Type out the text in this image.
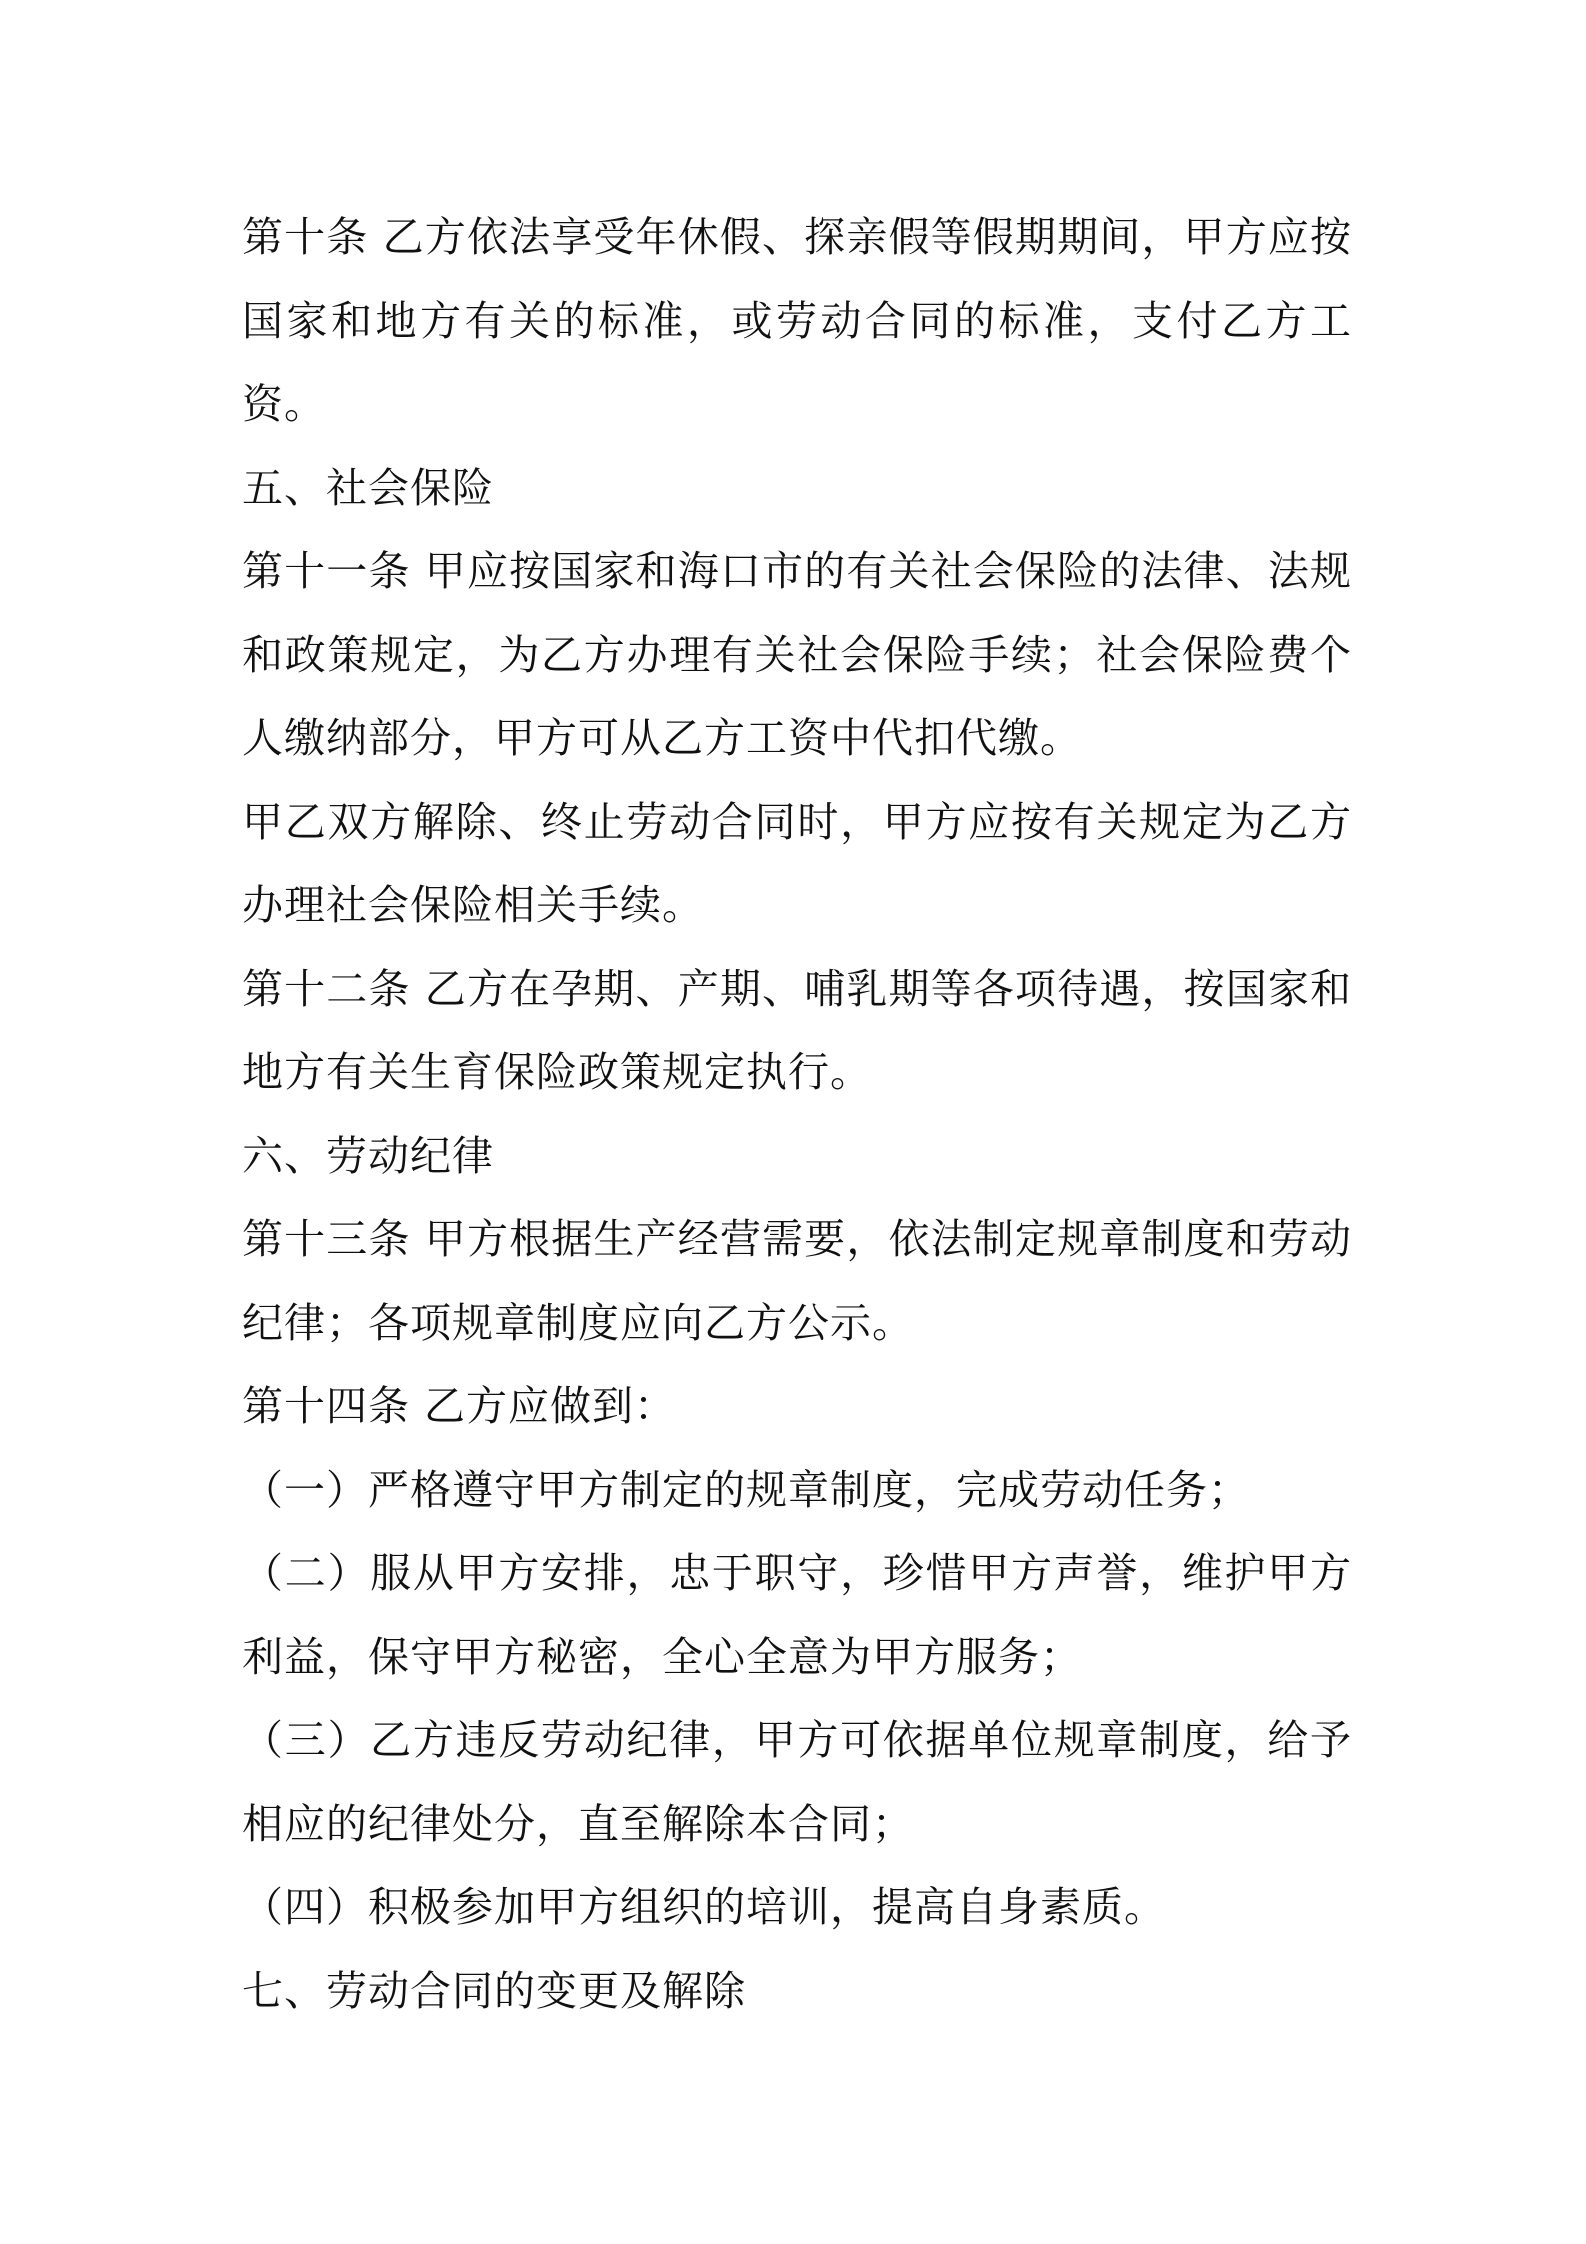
第十条 乙方依法享受年休假、探亲假等假期期间，甲方应按国家和地方有关的标准，或劳动合同的标准，支付乙方工资。

五、社会保险

第十一条 甲应按国家和海口市的有关社会保险的法律、法规和政策规定，为乙方办理有关社会保险手续；社会保险费个人缴纳部分，甲方可从乙方工资中代扣代缴。

甲乙双方解除、终止劳动合同时，甲方应按有关规定为乙方办理社会保险相关手续。

第十二条 乙方在孕期、产期、哺乳期等各项待遇，按国家和地方有关生育保险政策规定执行。

六、劳动纪律

第十三条 甲方根据生产经营需要，依法制定规章制度和劳动纪律；各项规章制度应向乙方公示。

第十四条 乙方应做到：

（一）严格遵守甲方制定的规章制度，完成劳动任务；

（二）服从甲方安排，忠于职守，珍惜甲方声誉，维护甲方利益，保守甲方秘密，全心全意为甲方服务；

（三）乙方违反劳动纪律，甲方可依据单位规章制度，给予相应的纪律处分，直至解除本合同；

（四）积极参加甲方组织的培训，提高自身素质。

七、劳动合同的变更及解除
